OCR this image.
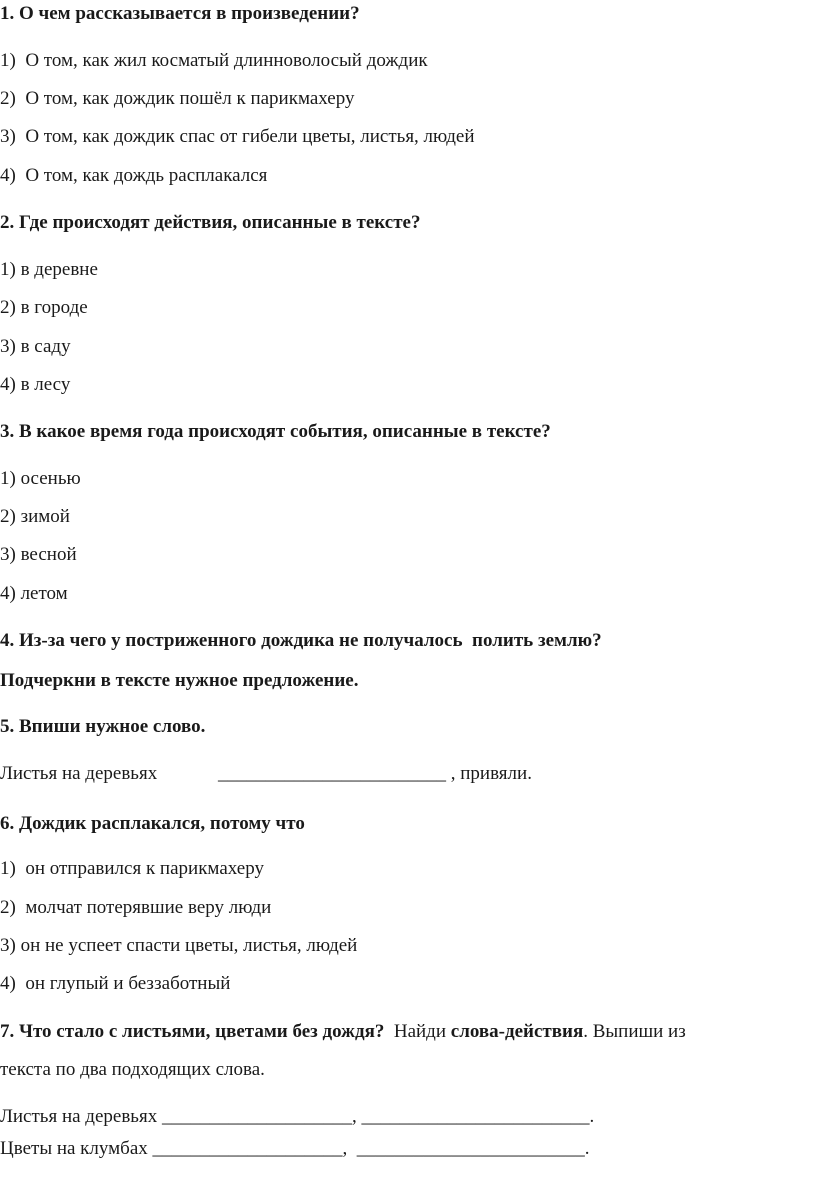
1. О чем рассказывается в произведении?
1)  О том, как жил косматый длинноволосый дождик
2)  О том, как дождик пошёл к парикмахеру
3)  О том, как дождик спас от гибели цветы, листья, людей
4)  О том, как дождь расплакался
2. Где происходят действия, описанные в тексте?
1) в деревне
2) в городе
3) в саду
4) в лесу
3. В какое время года происходят события, описанные в тексте?
1) осенью
2) зимой
3) весной
4) летом
4. Из-за чего у постриженного дождика не получалось  полить землю?
Подчеркни в тексте нужное предложение.
5. Впиши нужное слово.
Листья на деревьях	________________________ , привяли.
6. Дождик расплакался, потому что
1)  он отправился к парикмахеру
2)  молчат потерявшие веру люди
3) он не успеет спасти цветы, листья, людей
4)  он глупый и беззаботный
7. Что стало с листьями, цветами без дождя?  Найди слова-действия. Выпиши из
текста по два подходящих слова.
Листья на деревьях ____________________, ________________________.
Цветы на клумбах ____________________,  ________________________.
